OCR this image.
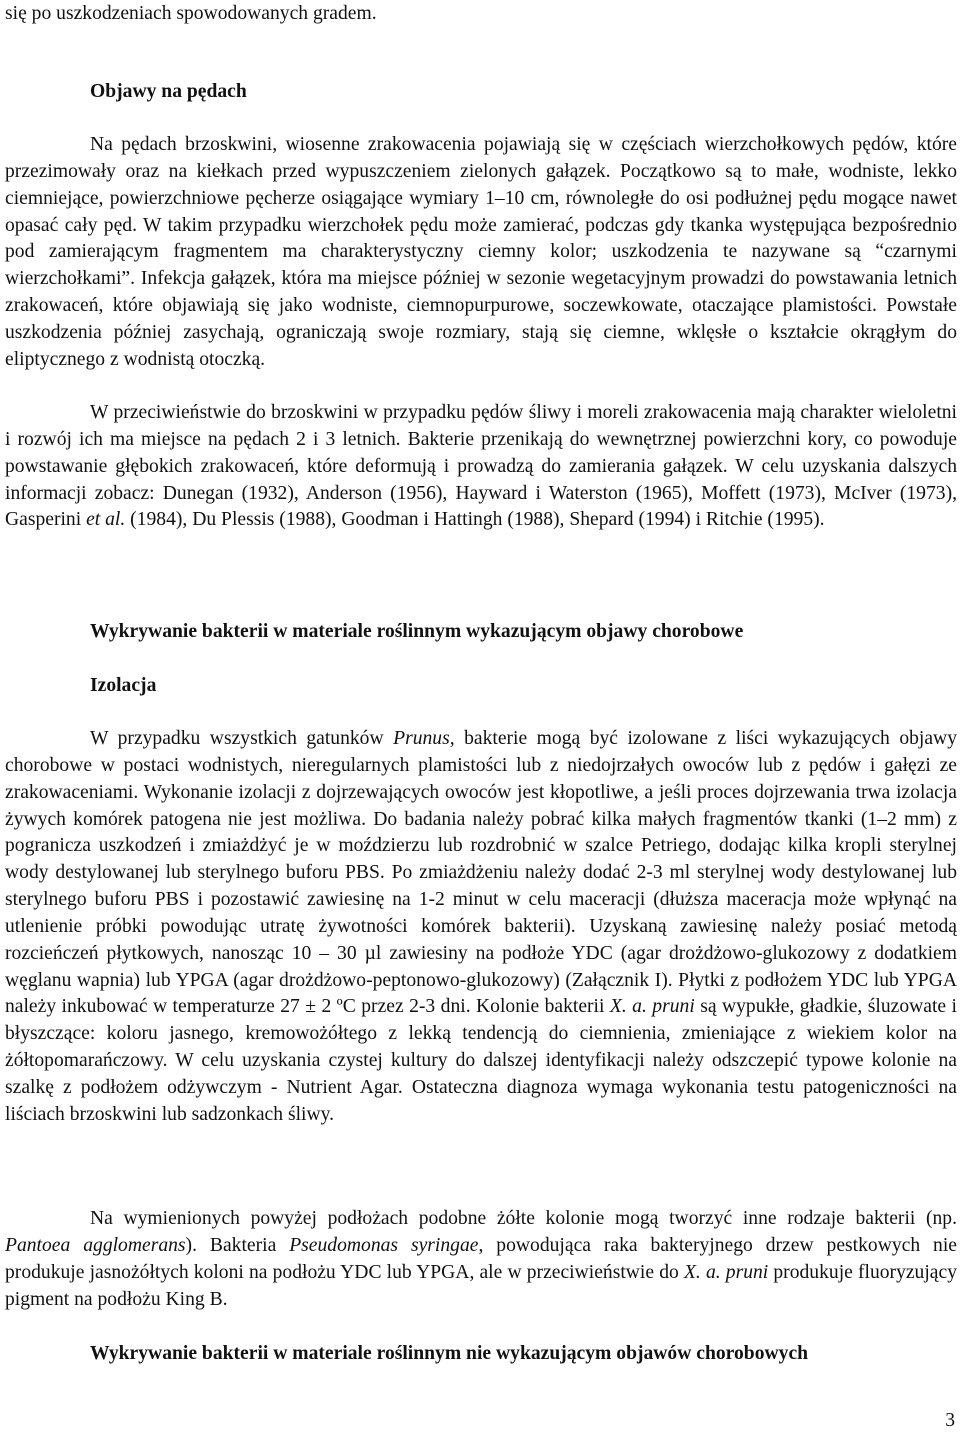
się po uszkodzeniach spowodowanych gradem.

Objawy na pędach

Na pędach brzoskwini, wiosenne zrakowacenia pojawiają się w częściach wierzchołkowych pędów, które przezimowały oraz na kiełkach przed wypuszczeniem zielonych gałązek. Początkowo są to małe, wodniste, lekko ciemniejące, powierzchniowe pęcherze osiągające wymiary 1–10 cm, równoległe do osi podłużnej pędu mogące nawet opasać cały pęd. W takim przypadku wierzchołek pędu może zamierać, podczas gdy tkanka występująca bezpośrednio pod zamierającym fragmentem ma charakterystyczny ciemny kolor; uszkodzenia te nazywane są “czarnymi wierzchołkami”. Infekcja gałązek, która ma miejsce później w sezonie wegetacyjnym prowadzi do powstawania letnich zrakowaceń, które objawiają się jako wodniste, ciemnopurpurowe, soczewkowate, otaczające plamistości. Powstałe uszkodzenia później zasychają, ograniczają swoje rozmiary, stają się ciemne, wklęsłe o kształcie okrągłym do eliptycznego z wodnistą otoczką.

W przeciwieństwie do brzoskwini w przypadku pędów śliwy i moreli zrakowacenia mają charakter wieloletni i rozwój ich ma miejsce na pędach 2 i 3 letnich. Bakterie przenikają do wewnętrznej powierzchni kory, co powoduje powstawanie głębokich zrakowaceń, które deformują i prowadzą do zamierania gałązek. W celu uzyskania dalszych informacji zobacz: Dunegan (1932), Anderson (1956), Hayward i Waterston (1965), Moffett (1973), McIver (1973), Gasperini et al. (1984), Du Plessis (1988), Goodman i Hattingh (1988), Shepard (1994) i Ritchie (1995).

Wykrywanie bakterii w materiale roślinnym wykazującym objawy chorobowe
Izolacja

W przypadku wszystkich gatunków Prunus, bakterie mogą być izolowane z liści wykazujących objawy chorobowe w postaci wodnistych, nieregularnych plamistości lub z niedojrzałych owoców lub z pędów i gałęzi ze zrakowaceniami. Wykonanie izolacji z dojrzewających owoców jest kłopotliwe, a jeśli proces dojrzewania trwa izolacja żywych komórek patogena nie jest możliwa. Do badania należy pobrać kilka małych fragmentów tkanki (1–2 mm) z pogranicza uszkodzeń i zmiażdżyć je w moździerzu lub rozdrobnić w szalce Petriego, dodając kilka kropli sterylnej wody destylowanej lub sterylnego buforu PBS. Po zmiażdżeniu należy dodać 2-3 ml sterylnej wody destylowanej lub sterylnego buforu PBS i pozostawić zawiesinę na 1-2 minut w celu maceracji (dłuższa maceracja może wpłynąć na utlenienie próbki powodując utratę żywotności komórek bakterii). Uzyskaną zawiesinę należy posiać metodą rozcieńczeń płytkowych, nanosząc 10 – 30 µl zawiesiny na podłoże YDC (agar drożdżowo-glukozowy z dodatkiem węglanu wapnia) lub YPGA (agar drożdżowo-peptonowo-glukozowy) (Załącznik I). Płytki z podłożem YDC lub YPGA należy inkubować w temperaturze 27 ± 2 ºC przez 2-3 dni. Kolonie bakterii X. a. pruni są wypukłe, gładkie, śluzowate i błyszczące: koloru jasnego, kremowożółtego z lekką tendencją do ciemnienia, zmieniające z wiekiem kolor na żółtopomarańczowy. W celu uzyskania czystej kultury do dalszej identyfikacji należy odszczepić typowe kolonie na szalkę z podłożem odżywczym - Nutrient Agar. Ostateczna diagnoza wymaga wykonania testu patogeniczności na liściach brzoskwini lub sadzonkach śliwy.

Na wymienionych powyżej podłożach podobne żółte kolonie mogą tworzyć inne rodzaje bakterii (np. Pantoea agglomerans). Bakteria Pseudomonas syringae, powodująca raka bakteryjnego drzew pestkowych nie produkuje jasnożółtych koloni na podłożu YDC lub YPGA, ale w przeciwieństwie do X. a. pruni produkuje fluoryzujący pigment na podłożu King B.

Wykrywanie bakterii w materiale roślinnym nie wykazującym objawów chorobowych

3
